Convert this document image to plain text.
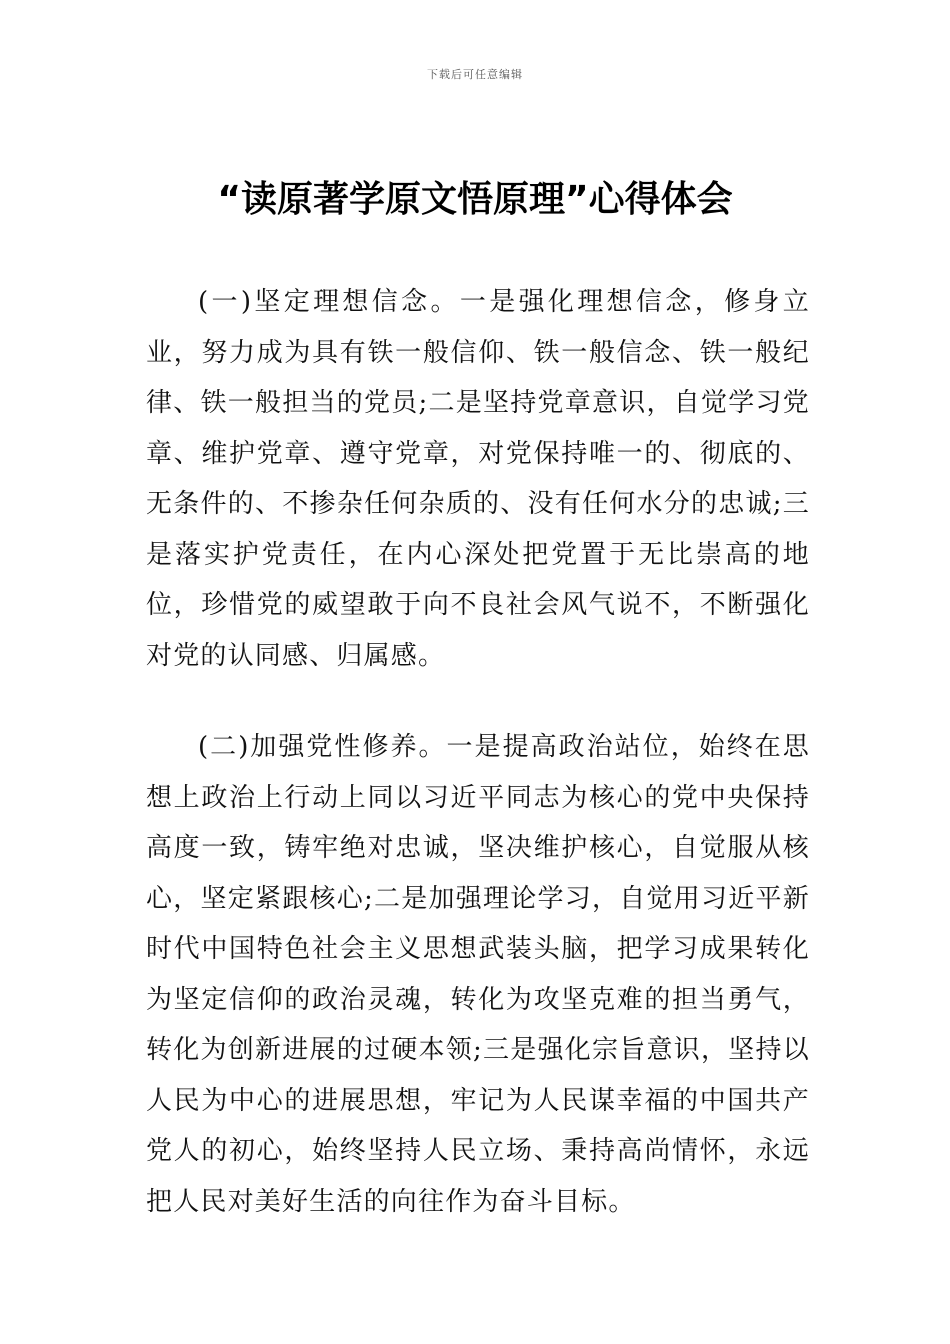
下载后可任意编辑
“读原著学原文悟原理”心得体会

(一)坚定理想信念。一是强化理想信念，修身立业，努力成为具有铁一般信仰、铁一般信念、铁一般纪律、铁一般担当的党员;二是坚持党章意识，自觉学习党章、维护党章、遵守党章，对党保持唯一的、彻底的、无条件的、不掺杂任何杂质的、没有任何水分的忠诚;三是落实护党责任，在内心深处把党置于无比崇高的地位，珍惜党的威望敢于向不良社会风气说不，不断强化对党的认同感、归属感。

(二)加强党性修养。一是提高政治站位，始终在思想上政治上行动上同以习近平同志为核心的党中央保持高度一致，铸牢绝对忠诚，坚决维护核心，自觉服从核心，坚定紧跟核心;二是加强理论学习，自觉用习近平新时代中国特色社会主义思想武装头脑，把学习成果转化为坚定信仰的政治灵魂，转化为攻坚克难的担当勇气，转化为创新进展的过硬本领;三是强化宗旨意识，坚持以人民为中心的进展思想，牢记为人民谋幸福的中国共产党人的初心，始终坚持人民立场、秉持高尚情怀，永远把人民对美好生活的向往作为奋斗目标。
